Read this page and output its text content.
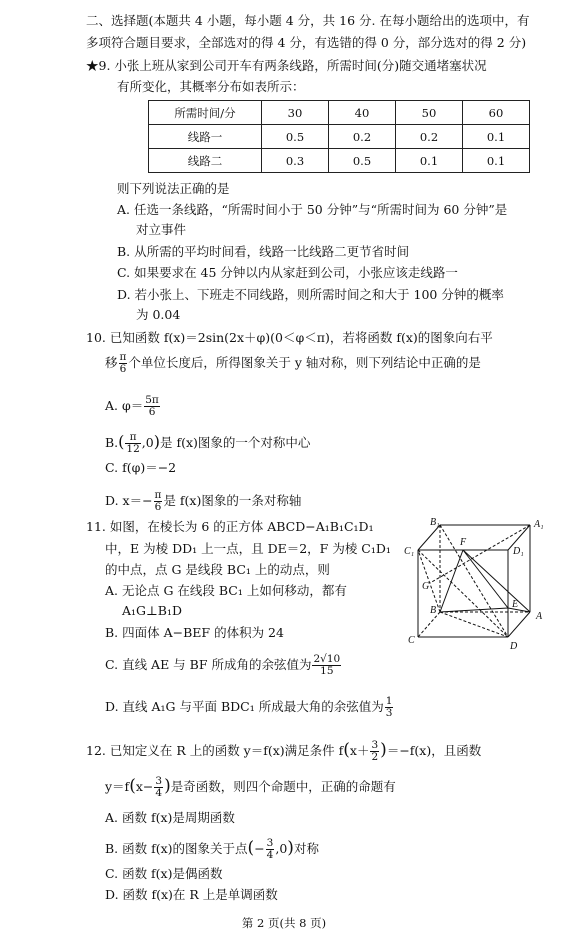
二、选择题(本题共 4 小题，每小题 4 分，共 16 分. 在每小题给出的选项中，有
多项符合题目要求，全部选对的得 4 分，有选错的得 0 分，部分选对的得 2 分)
★9. 小张上班从家到公司开车有两条线路，所需时间(分)随交通堵塞状况
有所变化，其概率分布如表所示：
所需时间/分	30	40	50	60
线路一	0.5	0.2	0.2	0.1
线路二	0.3	0.5	0.1	0.1
则下列说法正确的是
A. 任选一条线路，“所需时间小于 50 分钟”与“所需时间为 60 分钟”是
对立事件
B. 从所需的平均时间看，线路一比线路二更节省时间
C. 如果要求在 45 分钟以内从家赶到公司，小张应该走线路一
D. 若小张上、下班走不同线路，则所需时间之和大于 100 分钟的概率
为 0.04
10. 已知函数 f(x)＝2sin(2x＋φ)(0＜φ＜π)，若将函数 f(x)的图象向右平
移 $\frac{\pi}{6}$ 个单位长度后，所得图象关于 y 轴对称，则下列结论中正确的是
A. $\varphi= \frac{5\pi}{6}$
$B.( \frac{\pi}{12} ,0)$是 f(x)图象的一个对称中心
C. f(φ)＝−2
D. $x=- \frac{\pi}{6}$ 是 f(x)图象的一条对称轴
11. 如图，在棱长为 6 的正方体 ABCD−A₁B₁C₁D₁
中，E 为棱 DD₁ 上一点，且 DE＝2，F 为棱 C₁D₁
的中点，点 G 是线段 BC₁ 上的动点，则
A. 无论点 G 在线段 BC₁ 上如何移动，都有
A₁G⊥B₁D
B. 四面体 A−BEF 的体积为 24
C. 直线 AE 与 BF 所成角的余弦值为 $\frac{2√10}{15}$
D. 直线 A₁G 与平面 BDC₁ 所成最大角的余弦值为 $\frac{1}{3}$
B₁	A₁
C₁	D₁
F
G
E
A
B
C
D
12. 已知定义在 R 上的函数 y＝f(x)满足条件 $f(x+ \frac{3}{2} )=-f(x)$，且函数
$y=f(x- \frac{3}{4}$ )是奇函数，则四个命题中，正确的命题有
A. 函数 f(x)是周期函数
B. 函数 f(x)的图象关于点(− $\frac{3}{4} ,0$)对称
C. 函数 f(x)是偶函数
D. 函数 f(x)在 R 上是单调函数
第 2 页(共 8 页)
